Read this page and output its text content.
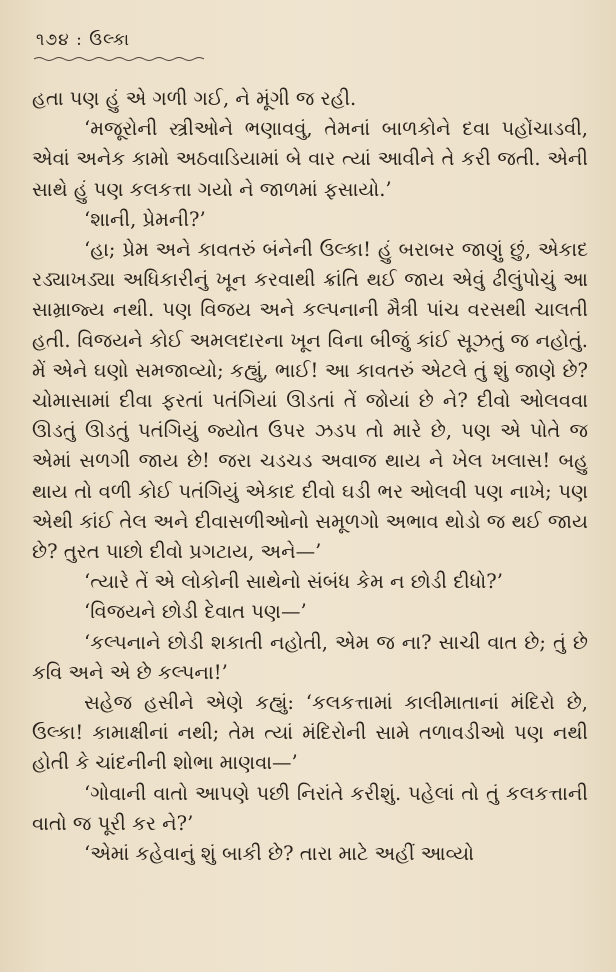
૧૭૪ : ઉલ્કા

હતા પણ હું એ ગળી ગઈ, ને મૂંગી જ રહી.

‘મજૂરોની સ્ત્રીઓને ભણાવવું, તેમનાં બાળકોને દવા પહોંચાડવી, એવાં અનેક કામો અઠવાડિયામાં બે વાર ત્યાં આવીને તે કરી જતી. એની સાથે હું પણ કલકત્તા ગયો ને જાળમાં ફસાયો.’

‘શાની, પ્રેમની?’

‘હા; પ્રેમ અને કાવતરું બંનેની ઉલ્કા! હું બરાબર જાણું છું, એકાદ રડ્યાખડ્યા અધિકારીનું ખૂન કરવાથી ક્રાંતિ થઈ જાય એવું ઢીલુંપોચું આ સામ્રાજ્ય નથી. પણ વિજય અને કલ્પનાની મૈત્રી પાંચ વરસથી ચાલતી હતી. વિજયને કોઈ અમલદારના ખૂન વિના બીજું કાંઈ સૂઝતું જ નહોતું. મેં એને ઘણો સમજાવ્યો; કહ્યું, ભાઈ! આ કાવતરું એટલે તું શું જાણે છે? ચોમાસામાં દીવા ફરતાં પતંગિયાં ઊડતાં તેં જોયાં છે ને? દીવો ઓલવવા ઊડતું ઊડતું પતંગિયું જ્યોત ઉપર ઝડપ તો મારે છે, પણ એ પોતે જ એમાં સળગી જાય છે! જરા ચડચડ અવાજ થાય ને ખેલ ખલાસ! બહુ થાય તો વળી કોઈ પતંગિયું એકાદ દીવો ઘડી ભર ઓલવી પણ નાખે; પણ એથી કાંઈ તેલ અને દીવાસળીઓનો સમૂળગો અભાવ થોડો જ થઈ જાય છે? તુરત પાછો દીવો પ્રગટાય, અને—’

‘ત્યારે તેં એ લોકોની સાથેનો સંબંધ કેમ ન છોડી દીધો?’

‘વિજયને છોડી દેવાત પણ—’

‘કલ્પનાને છોડી શકાતી નહોતી, એમ જ ના? સાચી વાત છે; તું છે કવિ અને એ છે કલ્પના!’

સહેજ હસીને એણે કહ્યું: ‘કલકત્તામાં કાલીમાતાનાં મંદિરો છે, ઉલ્કા! કામાક્ષીનાં નથી; તેમ ત્યાં મંદિરોની સામે તળાવડીઓ પણ નથી હોતી કે ચાંદનીની શોભા માણવા—’

‘ગોવાની વાતો આપણે પછી નિરાંતે કરીશું. પહેલાં તો તું કલકત્તાની વાતો જ પૂરી કર ને?’

‘એમાં કહેવાનું શું બાકી છે? તારા માટે અહીં આવ્યો
